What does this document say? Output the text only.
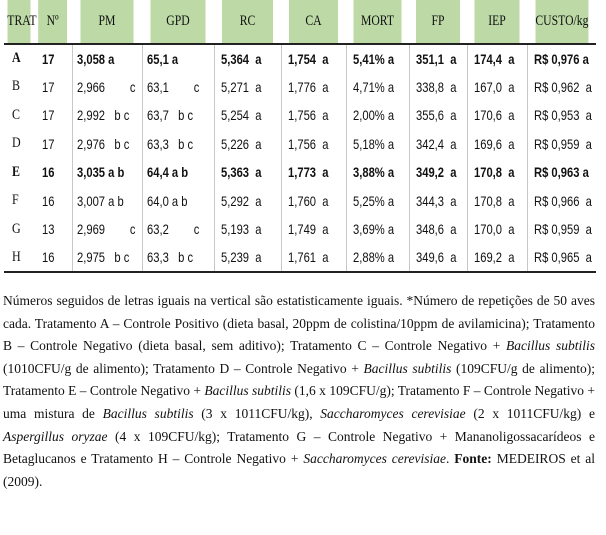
TRAT	Nº	PM	GPD	RC	CA	MORT	FP	IEP	CUSTO/kg
A	17	3,058 a	65,1 a	5,364  a	1,754  a	5,41% a	351,1  a	174,4  a	R$ 0,976 a
B	17	2,966        c	63,1        c	5,271  a	1,776  a	4,71% a	338,8  a	167,0  a	R$ 0,962  a
C	17	2,992   b c	63,7   b c	5,254  a	1,756  a	2,00% a	355,6  a	170,6  a	R$ 0,953  a
D	17	2,976   b c	63,3   b c	5,226  a	1,756  a	5,18% a	342,4  a	169,6  a	R$ 0,959  a
E	16	3,035 a b	64,4 a b	5,363  a	1,773  a	3,88% a	349,2  a	170,8  a	R$ 0,963 a
F	16	3,007 a b	64,0 a b	5,292  a	1,760  a	5,25% a	344,3  a	170,8  a	R$ 0,966  a
G	13	2,969        c	63,2        c	5,193  a	1,749  a	3,69% a	348,6  a	170,0  a	R$ 0,959  a
H	16	2,975   b c	63,3   b c	5,239  a	1,761  a	2,88% a	349,6  a	169,2  a	R$ 0,965  a

Números seguidos de letras iguais na vertical são estatisticamente iguais. *Número de repetições de 50 aves cada. Tratamento A – Controle Positivo (dieta basal, 20ppm de colistina/10ppm de avilamicina); Tratamento B – Controle Negativo (dieta basal, sem aditivo); Tratamento C – Controle Negativo + Bacillus subtilis (1010CFU/g de alimento); Tratamento D – Controle Negativo + Bacillus subtilis (109CFU/g de alimento); Tratamento E – Controle Negativo + Bacillus subtilis (1,6 x 109CFU/g); Tratamento F – Controle Negativo + uma mistura de Bacillus subtilis (3 x 1011CFU/kg), Saccharomyces cerevisiae (2 x 1011CFU/kg) e Aspergillus oryzae (4 x 109CFU/kg); Tratamento G – Controle Negativo + Mananoligossacarídeos e Betaglucanos e Tratamento H – Controle Negativo + Saccharomyces cerevisiae. Fonte: MEDEIROS et al (2009).
